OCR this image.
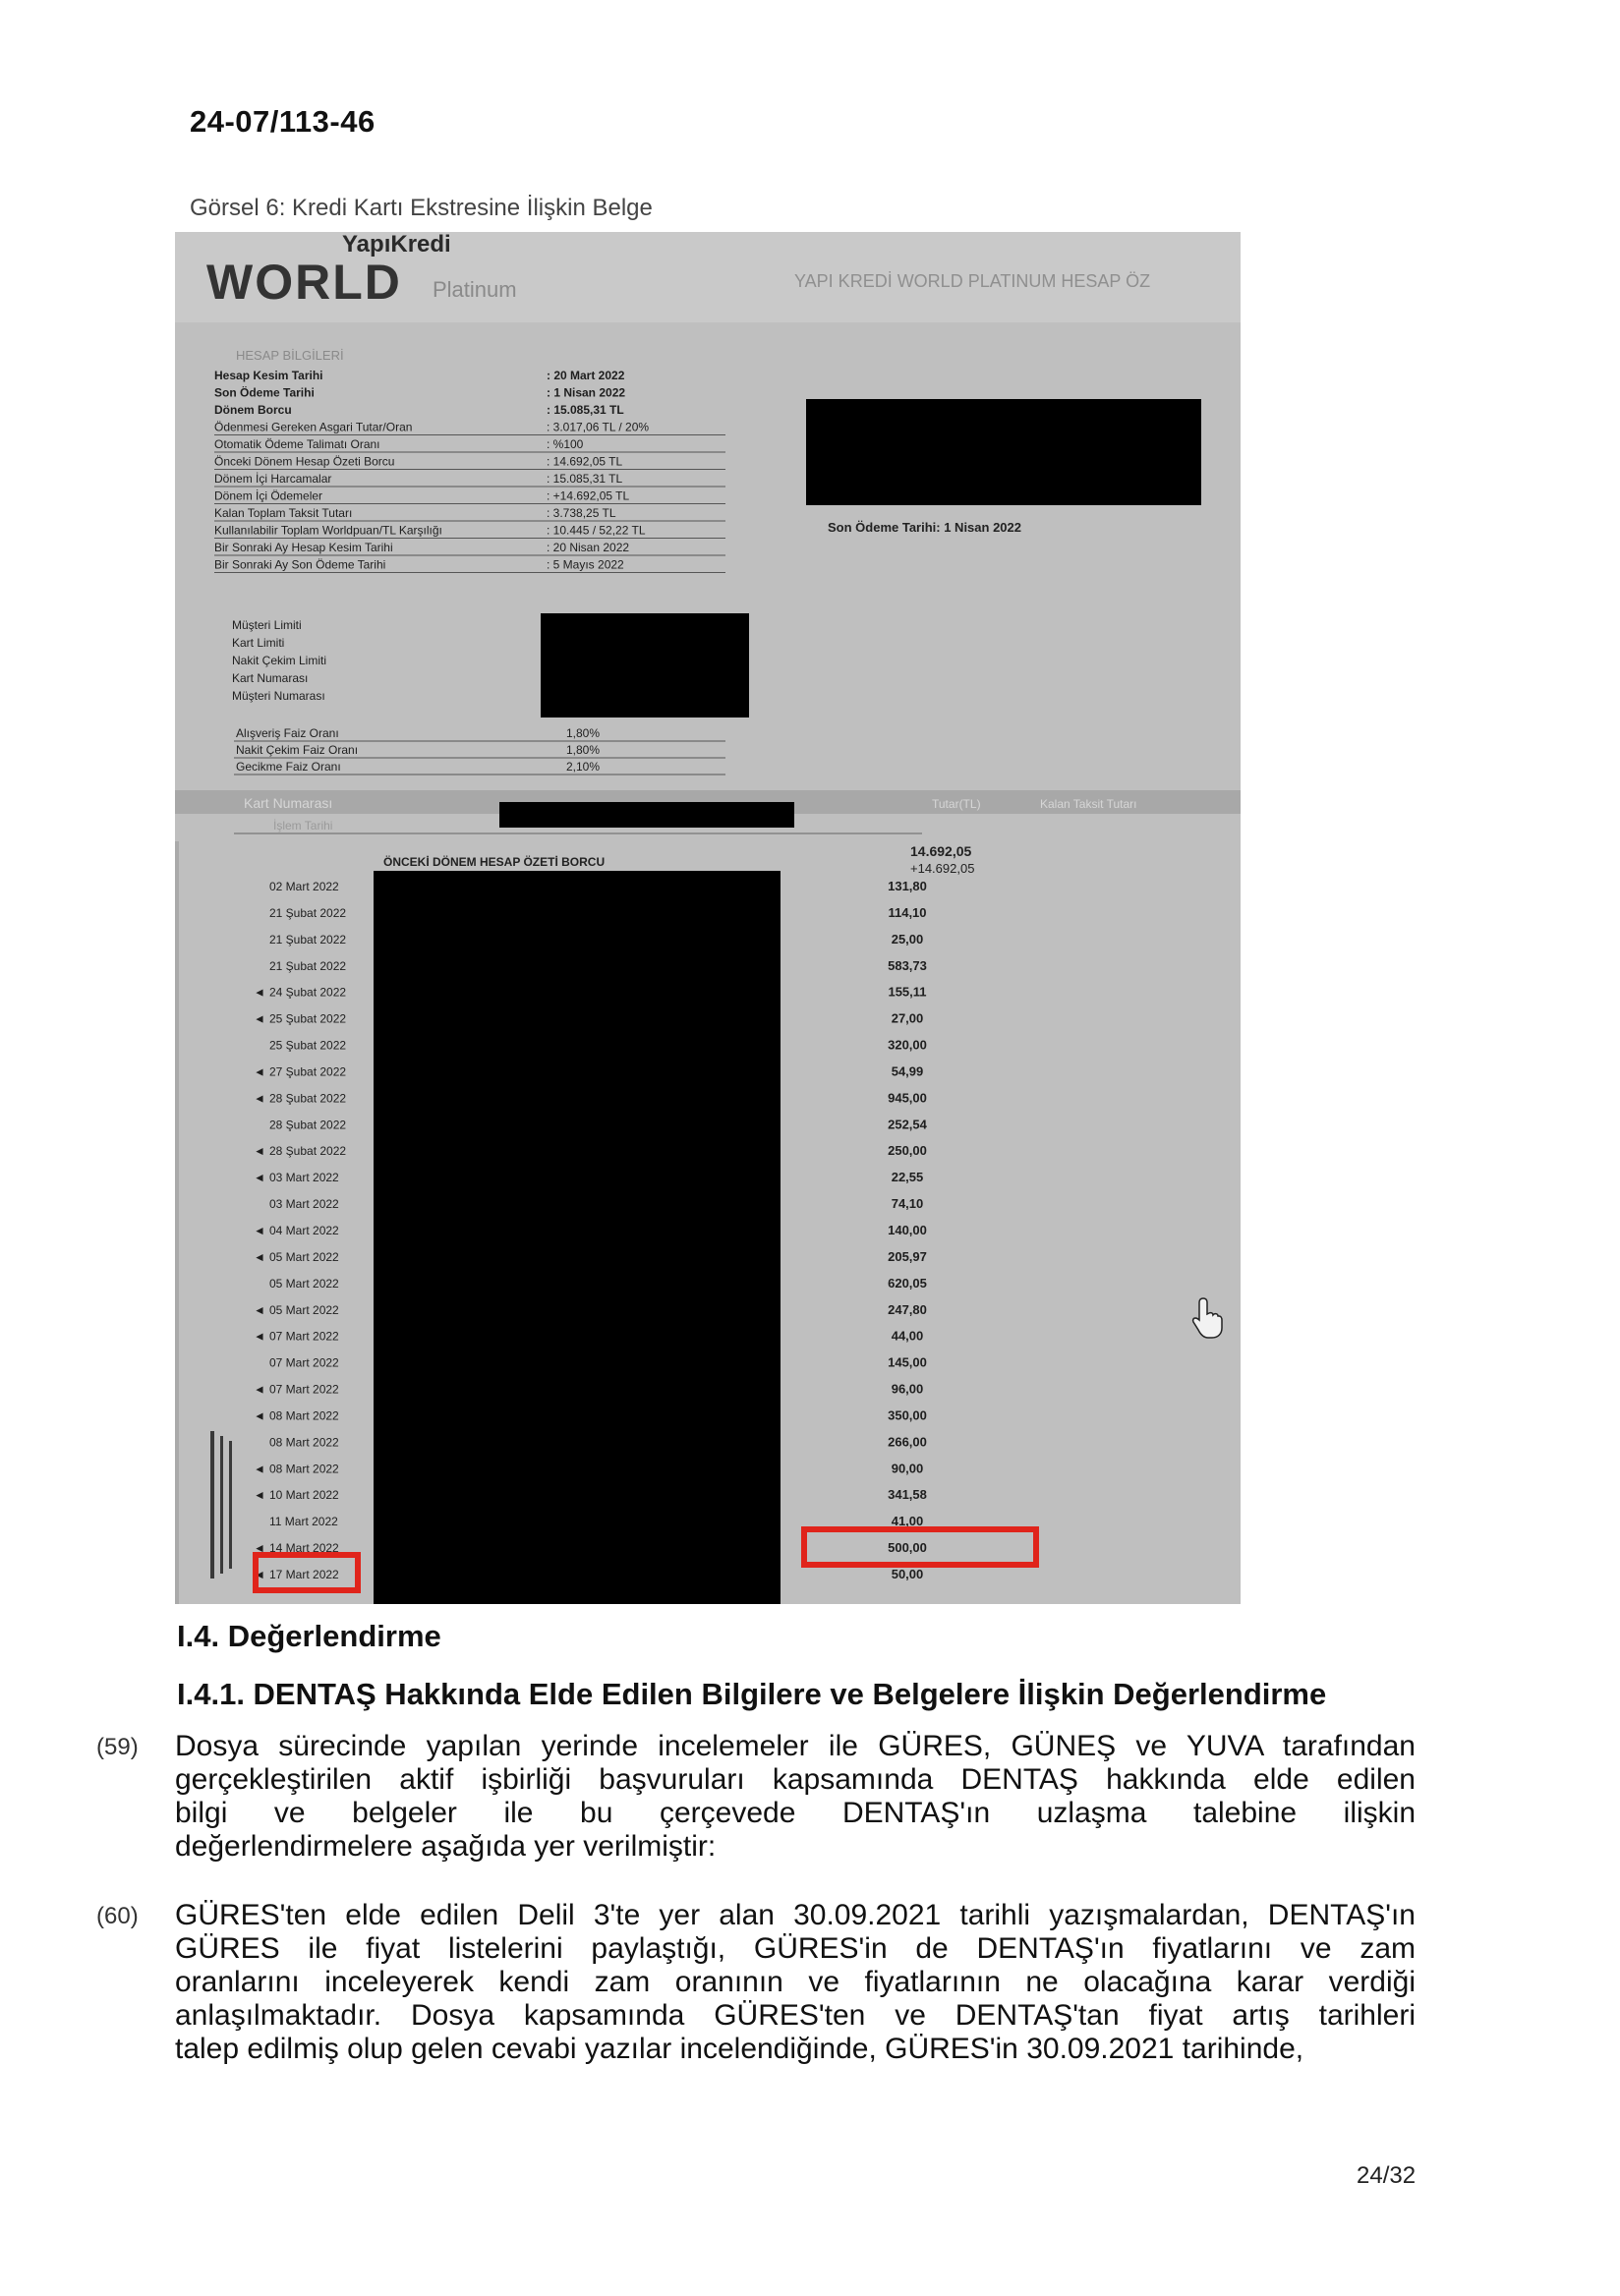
24-07/113-46
Görsel 6: Kredi Kartı Ekstresine İlişkin Belge
YapıKredi
WORLD Platinum	YAPI KREDİ WORLD PLATINUM HESAP ÖZ
HESAP BİLGİLERİ
Hesap Kesim Tarihi	: 20 Mart 2022
Son Ödeme Tarihi	: 1 Nisan 2022
Dönem Borcu	: 15.085,31 TL
Ödenmesi Gereken Asgari Tutar/Oran	: 3.017,06 TL / 20%
Otomatik Ödeme Talimatı Oranı	: %100
Önceki Dönem Hesap Özeti Borcu	: 14.692,05 TL
Dönem İçi Harcamalar	: 15.085,31 TL
Dönem İçi Ödemeler	: +14.692,05 TL
Kalan Toplam Taksit Tutarı	: 3.738,25 TL
Kullanılabilir Toplam Worldpuan/TL Karşılığı	: 10.445 / 52,22 TL
Bir Sonraki Ay Hesap Kesim Tarihi	: 20 Nisan 2022
Bir Sonraki Ay Son Ödeme Tarihi	: 5 Mayıs 2022
Müşteri Limiti
Kart Limiti
Nakit Çekim Limiti
Kart Numarası
Müşteri Numarası
Alışveriş Faiz Oranı	1,80%
Nakit Çekim Faiz Oranı	1,80%
Gecikme Faiz Oranı	2,10%
Son Ödeme Tarihi: 1 Nisan 2022
Kart Numarası
İşlem Tarihi
Tutar(TL)	Kalan Taksit Tutarı
ÖNCEKİ DÖNEM HESAP ÖZETİ BORCU
14.692,05
+14.692,05
02 Mart 2022	131,80
21 Şubat 2022	114,10
21 Şubat 2022	25,00
21 Şubat 2022	583,73
◄ 24 Şubat 2022	155,11
◄ 25 Şubat 2022	27,00
25 Şubat 2022	320,00
◄ 27 Şubat 2022	54,99
◄ 28 Şubat 2022	945,00
28 Şubat 2022	252,54
◄ 28 Şubat 2022	250,00
◄ 03 Mart 2022	22,55
03 Mart 2022	74,10
◄ 04 Mart 2022	140,00
◄ 05 Mart 2022	205,97
05 Mart 2022	620,05
◄ 05 Mart 2022	247,80
◄ 07 Mart 2022	44,00
07 Mart 2022	145,00
◄ 07 Mart 2022	96,00
◄ 08 Mart 2022	350,00
08 Mart 2022	266,00
◄ 08 Mart 2022	90,00
◄ 10 Mart 2022	341,58
11 Mart 2022	41,00
◄ 14 Mart 2022	500,00
◄ 17 Mart 2022	50,00
I.4. Değerlendirme
I.4.1. DENTAŞ Hakkında Elde Edilen Bilgilere ve Belgelere İlişkin Değerlendirme
(59) Dosya sürecinde yapılan yerinde incelemeler ile GÜRES, GÜNEŞ ve YUVA tarafından
gerçekleştirilen aktif işbirliği başvuruları kapsamında DENTAŞ hakkında elde edilen
bilgi ve belgeler ile bu çerçevede DENTAŞ'ın uzlaşma talebine ilişkin
değerlendirmelere aşağıda yer verilmiştir:
(60) GÜRES'ten elde edilen Delil 3'te yer alan 30.09.2021 tarihli yazışmalardan, DENTAŞ'ın
GÜRES ile fiyat listelerini paylaştığı, GÜRES'in de DENTAŞ'ın fiyatlarını ve zam
oranlarını inceleyerek kendi zam oranının ve fiyatlarının ne olacağına karar verdiği
anlaşılmaktadır. Dosya kapsamında GÜRES'ten ve DENTAŞ'tan fiyat artış tarihleri
talep edilmiş olup gelen cevabi yazılar incelendiğinde, GÜRES'in 30.09.2021 tarihinde,
24/32
